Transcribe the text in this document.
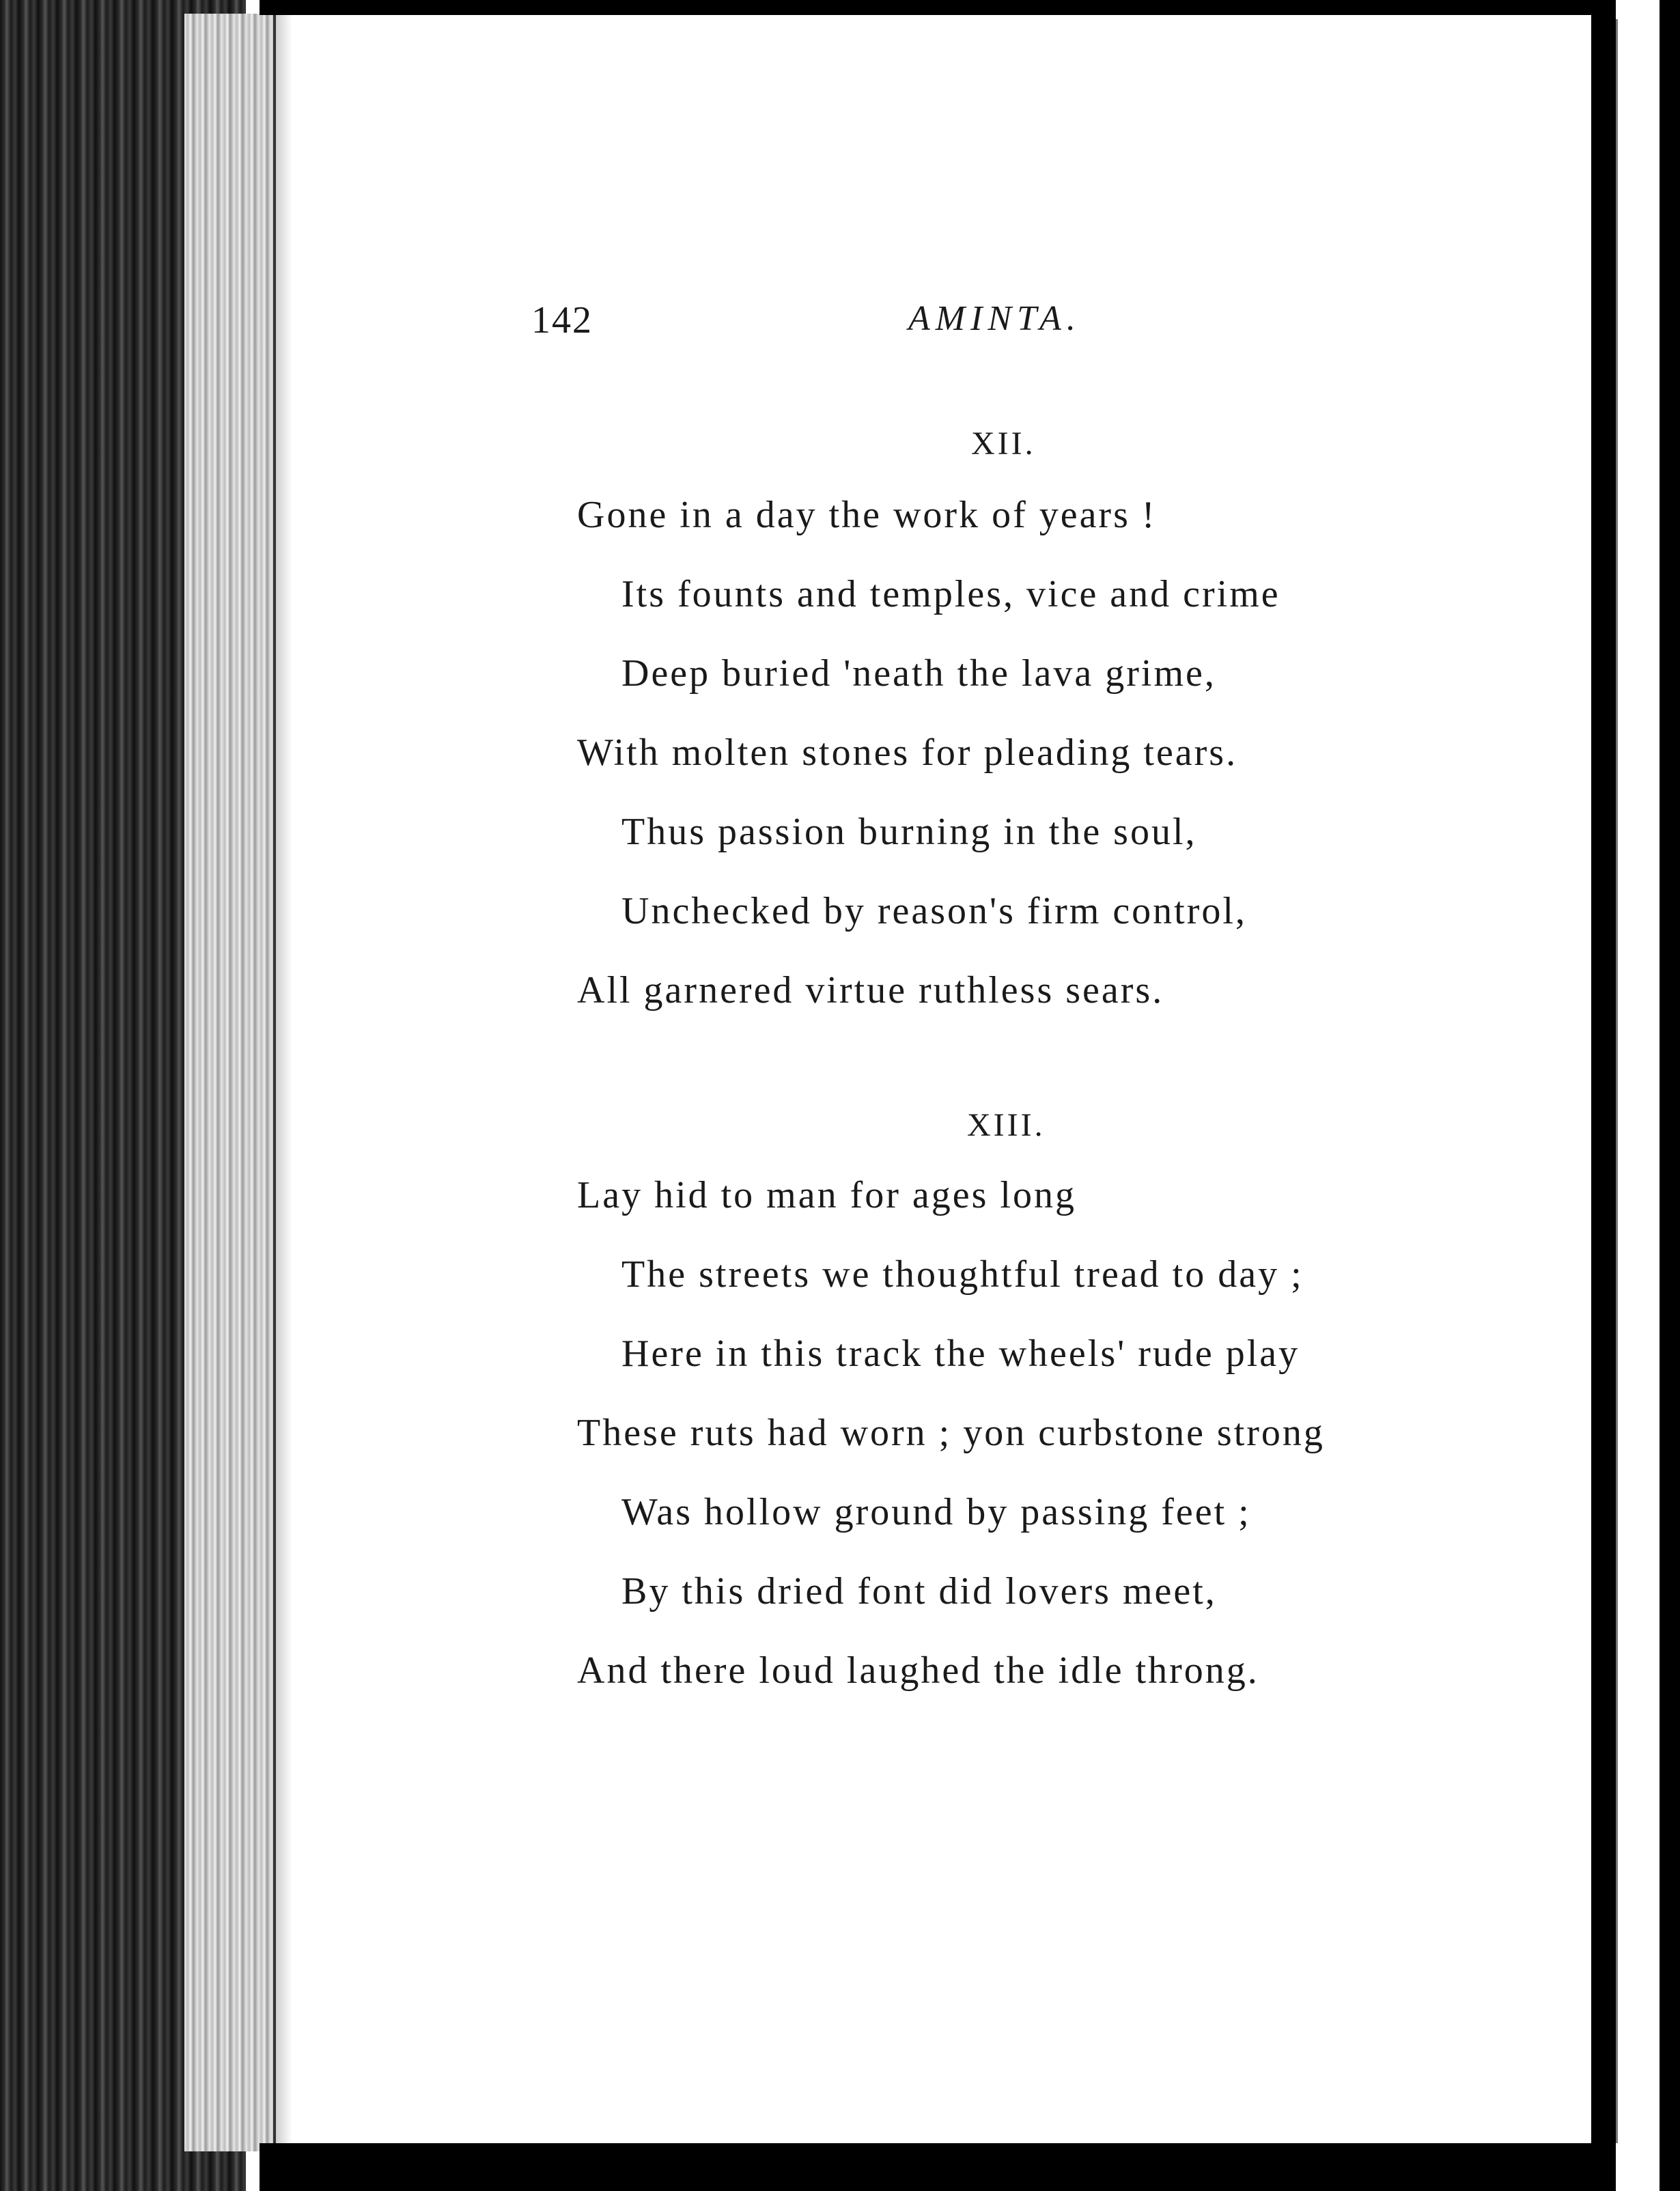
142	AMINTA.
XII.
Gone in a day the work of years !
Its founts and temples, vice and crime
Deep buried 'neath the lava grime,
With molten stones for pleading tears.
Thus passion burning in the soul,
Unchecked by reason's firm control,
All garnered virtue ruthless sears.
XIII.
Lay hid to man for ages long
The streets we thoughtful tread to day ;
Here in this track the wheels' rude play
These ruts had worn ; yon curbstone strong
Was hollow ground by passing feet ;
By this dried font did lovers meet,
And there loud laughed the idle throng.
